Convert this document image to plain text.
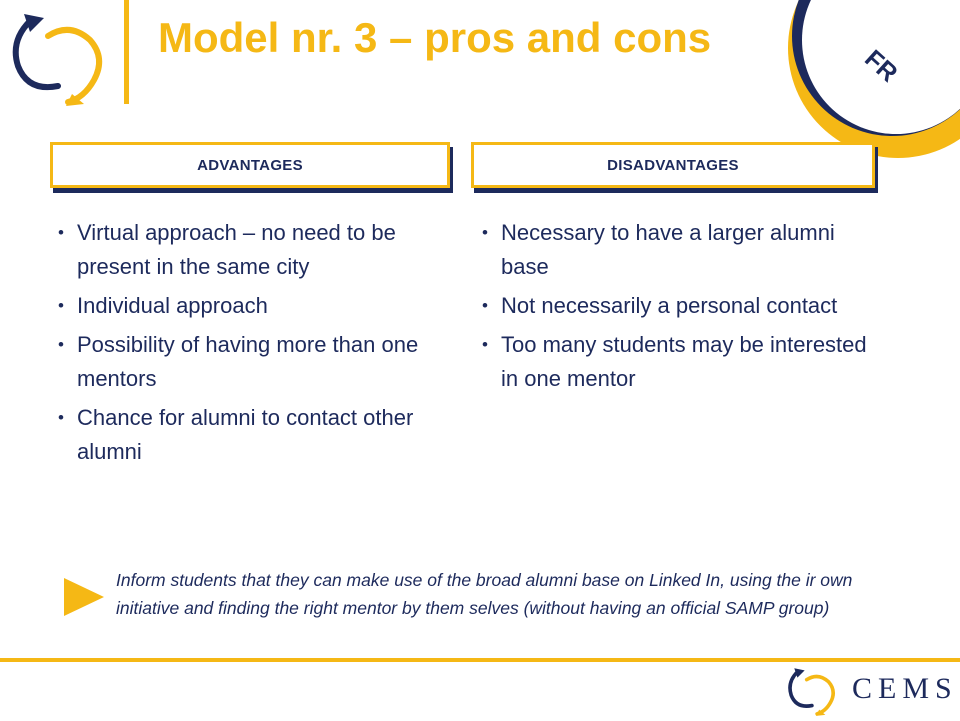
Model nr. 3 – pros and cons
FR
ADVANTAGES	DISADVANTAGES
• Virtual approach – no need to be present in the same city
• Individual approach
• Possibility of having more than one mentors
• Chance for alumni to contact other alumni
• Necessary to have a larger alumni base
• Not necessarily a personal contact
• Too many students may be interested in one mentor

Inform students that they can make use of the broad alumni base on Linked In, using the ir own initiative and finding the right mentor by them selves (without having an official SAMP group)

CEMS
